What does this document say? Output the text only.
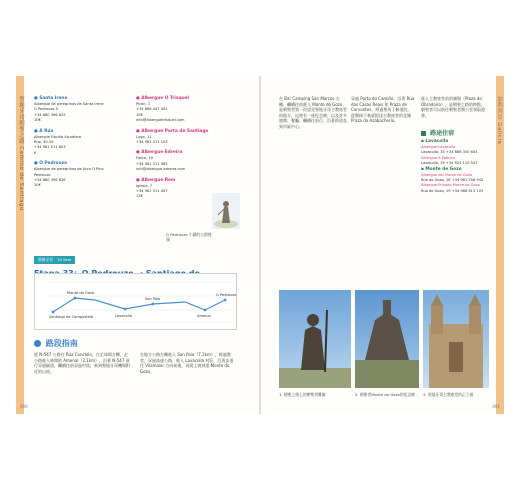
聖地牙哥朝聖之路 Camino de Santiago ● Santa Irene
Albergue de peregrinos de Santa Irene
O Pedrouzo 5
+34 660 396 825
10€
● A Rúa
Albergue Espiño Alcudiero
Rúa, 40-50
+34 981 511 803
€
● O Pedrouzo
Albergue de peregrinos de Arca O Pino
Pedrouzo
+34 660 396 826
10€
● Albergue O Trisquel
Picón, 1
+34 686 447 402
10€
info@alberguetrisquel.com
● Albergue Porta de Santiago
Lugo, 11
+34 981 511 103
● Albergue Edreira
Fonte, 19
+34 981 511 365
info@albergue-edreira.com
● Albergue Rem
Iglesia, 7
+34 981 511 407
13€
O Pedrouzo 小鎮的公園裡頭
路線全長：19.5km
Santiago de Compostela
Monte do Gozo
Lavacolla
San Paio
Amenal
O Pedrouzo
路段指南
從 N-547 公路往 Rúa Concello，在足球場左轉，走小路進入林間的 Amenal（2.1km），沿著 N-547 前行穿過隧道，繼續往前穿過村落，來到聖地牙哥機場附近的山坡。
在地方公路左轉進入 San Paio（7.2km），經過教堂，穿過高速公路，進入 Lavacolla 村莊，沿著步道往 Vilamaior 方向前進，再爬上坡到達 Monte do Gozo。
090
加利西亞 Galicia
在 Bar Camping San Marcos 左轉，繼續往前進入 Monte do Gozo，是朝聖者第一次望見聖地牙哥主教座堂的地方，這裡有一座紀念碑，以及許多旅館、餐廳。繼續往前行，沿著街道直到市區中心。
穿過 Porta do Camiño，沿著 Rúa das Casas Reais 和 Praza de Cervantes，經過聖馬丁修道院，從階梯下來就抵達主教座堂的北側 Praza da Azabachería。
進入主教座堂前的廣場（Plaza do Obradoiro），是朝聖之路的終點，朝聖者可以前往朝聖者辦公室領取證書。
路途住宿
▪ Lavacolla
Albergue Lavacolla
Lavacolla, 35 +34 686 300 604
Albergue A Fabrica
Lavacolla, 39 +34 622 110 547
▪ Monte de Gozo
Albergue del Monte de Gozo
Rúa do Gozo, 18 +34 981 558 942
Albergue Privado Monte do Gozo
Rúa do Gozo, 19 +34 988 613 105
1. 朝聖之路上的朝聖者雕像	2. 朝聖者Monte do Gozo的紀念碑	3. 聖地牙哥主教座堂的正立面
091
